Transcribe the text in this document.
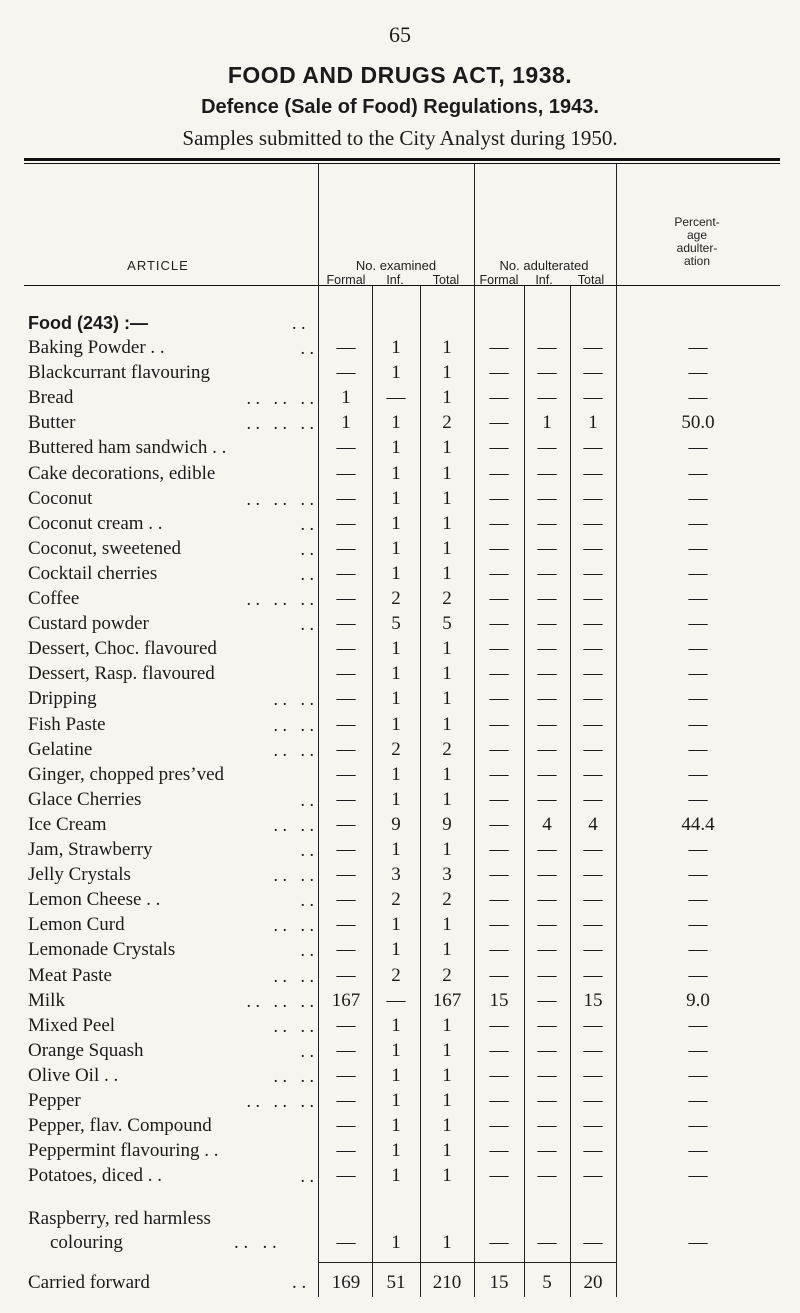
65
FOOD AND DRUGS ACT, 1938.
Defence (Sale of Food) Regulations, 1943.
Samples submitted to the City Analyst during 1950.
ARTICLE	No. examined
Formal	Inf.	Total
No. adulterated
Formal	Inf.	Total
Percent-
age
adulter-
ation
Food (243) :—	. .
Baking Powder . .	. .	—	1	1	—	—	—	—
Blackcurrant flavouring	—	1	1	—	—	—	—
Bread	. .   . .   . .	1	—	1	—	—	—	—
Butter	. .   . .   . .	1	1	2	—	1	1	50.0
Buttered ham sandwich . .	—	1	1	—	—	—	—
Cake decorations, edible	—	1	1	—	—	—	—
Coconut	. .   . .   . .	—	1	1	—	—	—	—
Coconut cream . .	. .	—	1	1	—	—	—	—
Coconut, sweetened	. .	—	1	1	—	—	—	—
Cocktail cherries	. .	—	1	1	—	—	—	—
Coffee	. .   . .   . .	—	2	2	—	—	—	—
Custard powder	. .	—	5	5	—	—	—	—
Dessert, Choc. flavoured	—	1	1	—	—	—	—
Dessert, Rasp. flavoured	—	1	1	—	—	—	—
Dripping	. .   . .	—	1	1	—	—	—	—
Fish Paste	. .   . .	—	1	1	—	—	—	—
Gelatine	. .   . .	—	2	2	—	—	—	—
Ginger, chopped pres’ved	—	1	1	—	—	—	—
Glace Cherries	. .	—	1	1	—	—	—	—
Ice Cream	. .   . .	—	9	9	—	4	4	44.4
Jam, Strawberry	. .	—	1	1	—	—	—	—
Jelly Crystals	. .   . .	—	3	3	—	—	—	—
Lemon Cheese . .	. .	—	2	2	—	—	—	—
Lemon Curd	. .   . .	—	1	1	—	—	—	—
Lemonade Crystals	. .	—	1	1	—	—	—	—
Meat Paste	. .   . .	—	2	2	—	—	—	—
Milk	. .   . .   . . 167	—	167	15	—	15	9.0
Mixed Peel	. .   . .	—	1	1	—	—	—	—
Orange Squash	. .	—	1	1	—	—	—	—
Olive Oil . .	. .   . .	—	1	1	—	—	—	—
Pepper	. .   . .   . .	—	1	1	—	—	—	—
Pepper, flav. Compound	—	1	1	—	—	—	—
Peppermint flavouring . .	—	1	1	—	—	—	—
Potatoes, diced . .	. .	—	1	1	—	—	—	—
Raspberry, red harmless
colouring	. .   . .	—	1	1	—	—	—	—
Carried forward	. .	169	51	210	15	5	20
